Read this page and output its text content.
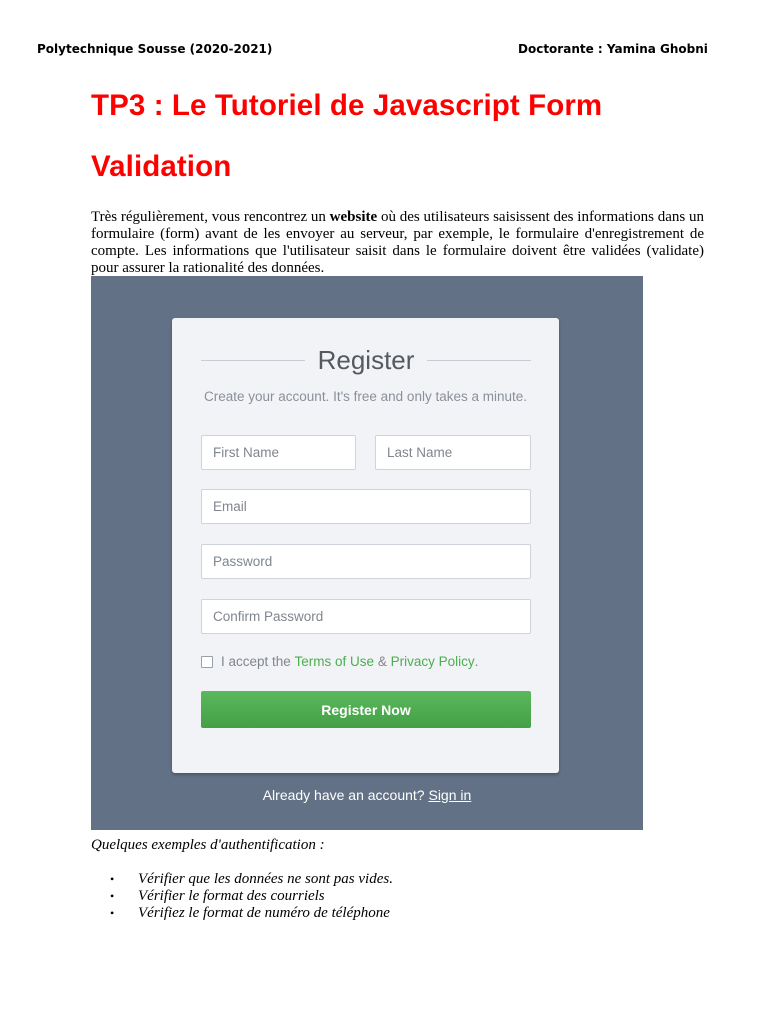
Polytechnique Sousse (2020-2021)	Doctorante : Yamina Ghobni
TP3 : Le Tutoriel de Javascript Form
Validation

Très régulièrement, vous rencontrez un website où des utilisateurs saisissent des informations dans un formulaire (form) avant de les envoyer au serveur, par exemple, le formulaire d'enregistrement de compte. Les informations que l'utilisateur saisit dans le formulaire doivent être validées (validate) pour assurer la rationalité des données.

Register
Create your account. It's free and only takes a minute.
First Name	Last Name
Email
Password
Confirm Password
I accept the Terms of Use & Privacy Policy .
Register Now
Already have an account? Sign in
Quelques exemples d'authentification :
• Vérifier que les données ne sont pas vides.
• Vérifier le format des courriels
• Vérifiez le format de numéro de téléphone
